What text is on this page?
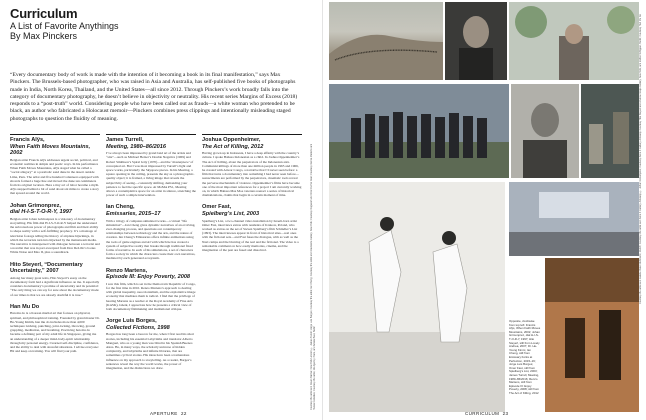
Curriculum
A List of Favorite Anythings
By Max Pinckers

“Every documentary body of work is made with the intention of it becoming a book in its final manifestation,” says Max Pinckers. The Brussels-based photographer, who was raised in Asia and Australia, has self-published five books of photographs made in India, North Korea, Thailand, and the United States—all since 2012. Through Pinckers’s work broadly falls into the category of documentary photography, he doesn’t believe in objectivity or neutrality. His recent series Margins of Excess (2018) responds to a “post-truth” world. Considering people who have been called out as frauds—a white woman who pretended to be black, an author who fabricated a Holocaust memoir—Pinckers combines press clippings and intentionally misleading staged photographs to question the fluidity of meaning.

Francis Alÿs,
When Faith Moves Mountains, 2002

Belgian artist Francis Alÿs addresses urgent social, political, and economic realities in simple and poetic ways. In his performance When Faith Moves Mountains, Alÿs staged what he called a “social allegory” at a parabolic sand dune in the desert outside Lima, Peru. The artist and five hundred volunteers equipped with shovels formed a huge line and moved the dune ten centimeters from its original location. Here a tiny act of labor became a myth. Alÿs stepped behind a bit of sand about six miles to create a story that spread around the world.

Johan Grimonprez,
dial H-I-S-T-O-R-Y, 1997

Belgian artist Johan Grimonprez is a visionary of documentary storytelling. His film dial H-I-S-T-O-R-Y helped me understand the subconscious power of photographs and film and their ability to shape reality with a self-fulfilling prophecy. It’s a montage of television footage telling the history of airplane hijackings, in which the terrorists turn into hijacked by the mainstream media. The narrative is interspersed with dialogue between a terrorist and a novelist that was in part excerpted from Don DeLillo’s books White Noise and Mao II, plus a soundtrack.

Hito Steyerl, “Documentary Uncertainty,” 2007

Among her many great texts, Hito Steyerl’s essay on the documentary form had a significant influence on me. It especially considers documentary’s promise of uncertainty and its potential: “The only thing we can say for sure about the documentary mode of our times is that we are already doubtful it is true.”

Han Mu Do

Han mu do is a Korean martial art that focuses on physical, spiritual, and philosophical training. Founded by grand master Dr. He-Young Kimm, han mu do includes more than 4,000 techniques: kicking, punching, joint-locking, throwing, ground grappling, meditation, and breathing. Practicing han mu do became a defining part of my adult life in Singapore, giving me an understanding of a deeper mind-body-spirit relationship through my personal energy. I learned self-discipline, confidence, and the ability to deal with stressful situations. I advise everyone: Hit and keep on training. You will find your path.

James Turrell,
Meeting, 1980–86/2016

I’ve always been impressed by grand land art of the artists and “site”—such as Michael Heizer’s Double Negative (1969) and Robert Smithson’s Spiral Jetty (1970)—and the ‘masterpiece’ of conceptual art. But I was most impressed by Turrell’s light and space works, particularly the Skyspace pieces. In his Meeting, a square opening in the ceiling, presents the sky as a photographic-quality object; it is framed, a living image that reveals the subjectivity of seeing—constantly shifting, demanding your patience to feel the specific space. At MoMA PS1, Meeting allows a contemplative space for an artist in silence, stretching the power of such a simple intervention.

Ian Cheng,
Emissaries, 2015–17

With a trilogy of computer-simulated works—a virtual “life simulation”—Ian Cheng gives dynamic narratives of an evolving, ever-changing process, and questions our contemporary relationships between technology and the arts, and the nature of creation. Ian Cheng’s Emissaries offers infinite animations using the tools of game engines and AI with which he has created a system of subjective reality that breaks through traditional fixed forms of narrative. In each of his simulations, a set of characters form a society in which the characters create their own narratives, mediated by each generated ecosystem.

Renzo Martens,
Episode III: Enjoy Poverty, 2008

I saw this film, which is set in the Democratic Republic of Congo, for the first time in 2010. Renzo Martens’s approach to dealing with global inequality, neocolonialism, and the exploitative image economy that mediates them is radical. I find that the privilege of hearing Martens as a teacher at the Royal Academy of Fine Arts (KASK), Ghent, I appreciate how he presents a critical view of both documentary filmmaking and institutional critique.

Jorge Luis Borges,
Collected Fictions, 1998

Borges has long been a beacon for me, when I first read his short stories, including his essential Labyrinths and translator Alberto Manguel, who as a young man was blind in his Spanish Buenos Aires. He, in many ways, the scholarly universe of hidden complexity, and labyrinths and infinite libraries, that are sometimes cyclical stories. His ideas have been a tremendous influence on my approach to storytelling. As a reader, Borges’s sentences reveal the way the world works, the power of imagination, and the distinctions we draw.

Joshua Oppenheimer,
The Act of Killing, 2012

Having grown up in Indonesia, I have a deep affinity with the country’s culture. I spoke Bahasa Indonesian as a child. In Joshua Oppenheimer’s The Act of Killing, about the perpetrators of the Indonesian anti-Communist killings of more than one million people in 1965 and 1966, he created with Anwar Congo, a narrative that I’d never seen before: a film that turns a documentary into something I had never seen before—reenactments are performed by the perpetrators, cinematic tools reveal the perverse mechanism of violence. Oppenheimer’s films have become one of the most important references for a project I am currently working on, in which Bahasa Mas Moe veterans reenact a series of historical dramatizations, claims that begin in a certain moment of time.

Omer Fast,
Spielberg’s List, 2003

Spielberg’s List, a two-channel video installation by Israeli-born artist Omer Fast, interviews extras with residents of Krakow, Poland, who worked as extras on the set of Steven Spielberg’s film Schindler’s List (1993). The interviewees appear in front of historical sites—real ones with the fictional sets—and Fast fuses the dialogue, with as well as the Nazi camps and the blurring of the real and the fictional. The video is a remarkable comment on how easily memories, cinema, and the imagination of the past are fused and dissolved.	Courtesy the artist and David Zwirner, New York/London; © James Turrell; Jorge Luis Borges; Courtesy the artist; Ian Cheng; Courtesy the artist and Gladstone Gallery, New York; Courtesy Dogwoof and Final Cut for Real; Courtesy Renzo Martens and Human Activities; Courtesy the artist, Gb Agency, Paris, and Arratia Beer, Berlin
APERTURE 22

Opposite, clockwise from top left: Francis Alÿs, When Faith Moves Mountains, 2002; Johan Grimonprez, dial H-I-S-T-O-R-Y, 1997; Hito Steyerl, still from Lovely Andrea, 2007; Dr. He-Young Kimm; Ian Cheng, still from Emissary Forks at Perfection, 2015–16; Jorge Luis Borges; Omer Fast, still from Spielberg’s List, 2003; James Turrell, Meeting, 1980–86/2016; Renzo Martens, still from Episode III: Enjoy Poverty, 2008; still from The Act of Killing, 2012

Courtesy the artist and Galerie Peter Kilchmann, Zurich; Courtesy the artist and Zeno X Gallery, Antwerp; © Johan Grimonprez; Courtesy Zeno X Gallery, Antwerp; Courtesy Hito Steyerl and Andrew Kreps Gallery, New York, and Esther Schipper, Berlin; Courtesy Han Mu Do
CURRICULUM 23
